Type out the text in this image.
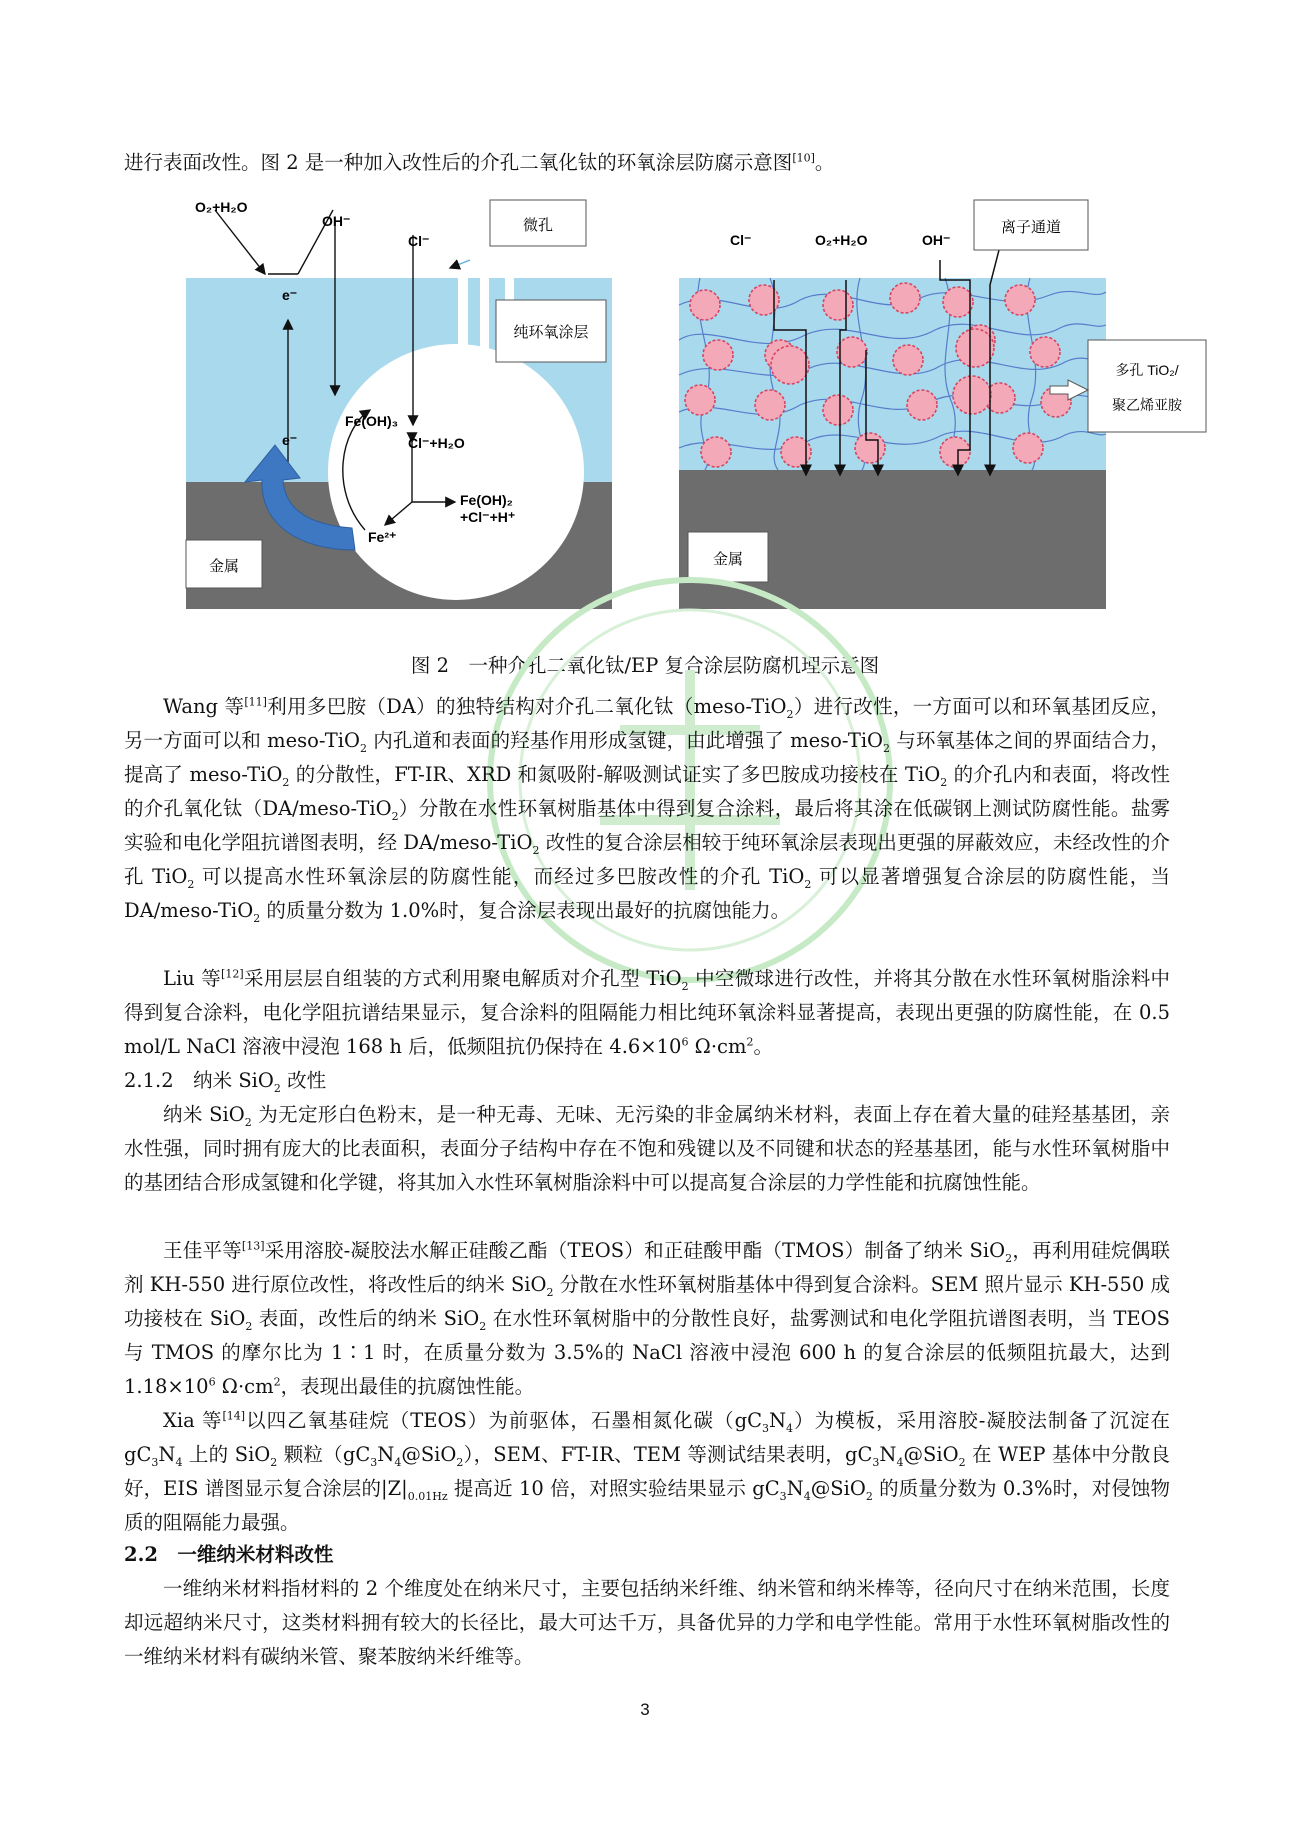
进行表面改性。图 2 是一种加入改性后的介孔二氧化钛的环氧涂层防腐示意图[10]。

O₂+H₂O
OH⁻
Cl⁻
微孔
纯环氧涂层
e⁻
e⁻
Fe(OH)₃
Cl⁻+H₂O
Fe(OH)₂
+Cl⁻+H⁺
Fe²⁺
金属
Cl⁻	O₂+H₂O	OH⁻
离子通道
多孔 TiO₂/
聚乙烯亚胺
金属

图 2　一种介孔二氧化钛/EP 复合涂层防腐机理示意图

Wang 等[11]利用多巴胺（DA）的独特结构对介孔二氧化钛（meso-TiO$_2$）进行改性，一方面可以和环氧基团反应，另一方面可以和 meso-TiO$_2$ 内孔道和表面的羟基作用形成氢键，由此增强了 meso-TiO$_2$ 与环氧基体之间的界面结合力，提高了 meso-TiO$_2$ 的分散性，FT-IR、XRD 和氮吸附-解吸测试证实了多巴胺成功接枝在 TiO$_2$ 的介孔内和表面，将改性的介孔氧化钛（DA/meso-TiO$_2$）分散在水性环氧树脂基体中得到复合涂料，最后将其涂在低碳钢上测试防腐性能。盐雾实验和电化学阻抗谱图表明，经 DA/meso-TiO$_2$ 改性的复合涂层相较于纯环氧涂层表现出更强的屏蔽效应，未经改性的介孔 TiO$_2$ 可以提高水性环氧涂层的防腐性能，而经过多巴胺改性的介孔 TiO$_2$ 可以显著增强复合涂层的防腐性能，当 DA/meso-TiO$_2$ 的质量分数为 1.0%时，复合涂层表现出最好的抗腐蚀能力。

Liu 等[12]采用层层自组装的方式利用聚电解质对介孔型 TiO$_2$ 中空微球进行改性，并将其分散在水性环氧树脂涂料中得到复合涂料，电化学阻抗谱结果显示，复合涂料的阻隔能力相比纯环氧涂料显著提高，表现出更强的防腐性能，在 0.5 mol/L NaCl 溶液中浸泡 168 h 后，低频阻抗仍保持在 $4.6\times 10^6$ $\Omega\cdot cm^2$。

2.1.2　纳米 SiO$_2$ 改性

纳米 SiO$_2$ 为无定形白色粉末，是一种无毒、无味、无污染的非金属纳米材料，表面上存在着大量的硅羟基基团，亲水性强，同时拥有庞大的比表面积，表面分子结构中存在不饱和残键以及不同键和状态的羟基基团，能与水性环氧树脂中的基团结合形成氢键和化学键，将其加入水性环氧树脂涂料中可以提高复合涂层的力学性能和抗腐蚀性能。

王佳平等[13]采用溶胶-凝胶法水解正硅酸乙酯（TEOS）和正硅酸甲酯（TMOS）制备了纳米 SiO$_2$，再利用硅烷偶联剂 KH-550 进行原位改性，将改性后的纳米 SiO$_2$ 分散在水性环氧树脂基体中得到复合涂料。SEM 照片显示 KH-550 成功接枝在 SiO$_2$ 表面，改性后的纳米 SiO$_2$ 在水性环氧树脂中的分散性良好，盐雾测试和电化学阻抗谱图表明，当 TEOS 与 TMOS 的摩尔比为 1∶1 时，在质量分数为 3.5%的 NaCl 溶液中浸泡 600 h 的复合涂层的低频阻抗最大，达到 $1.18\times 10^6$ $\Omega\cdot cm^2$，表现出最佳的抗腐蚀性能。

Xia 等[14]以四乙氧基硅烷（TEOS）为前驱体，石墨相氮化碳$(gC_3N_4)$为模板，采用溶胶-凝胶法制备了沉淀在 $gC_3N_4$ 上的 SiO$_2$ 颗粒$(gC_3N_4@SiO_2)$，SEM、FT-IR、TEM 等测试结果表明，$gC_3N_4@SiO_2$ 在 WEP 基体中分散良好，EIS 谱图显示复合涂层的$|Z|_{0.01Hz}$ 提高近 10 倍，对照实验结果显示 $gC_3N_4@SiO_2$ 的质量分数为 0.3%时，对侵蚀物质的阻隔能力最强。

2.2　一维纳米材料改性

一维纳米材料指材料的 2 个维度处在纳米尺寸，主要包括纳米纤维、纳米管和纳米棒等，径向尺寸在纳米范围，长度却远超纳米尺寸，这类材料拥有较大的长径比，最大可达千万，具备优异的力学和电学性能。常用于水性环氧树脂改性的一维纳米材料有碳纳米管、聚苯胺纳米纤维等。

3
